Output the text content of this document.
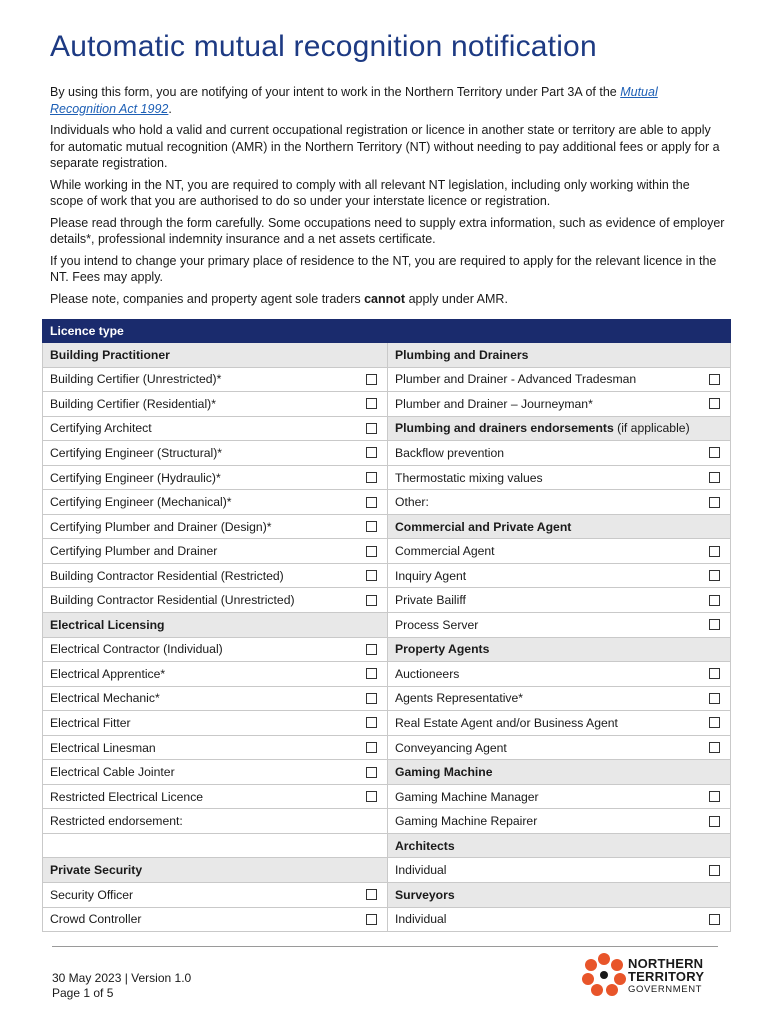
Automatic mutual recognition notification

By using this form, you are notifying of your intent to work in the Northern Territory under Part 3A of the Mutual Recognition Act 1992.

Individuals who hold a valid and current occupational registration or licence in another state or territory are able to apply for automatic mutual recognition (AMR) in the Northern Territory (NT) without needing to pay additional fees or apply for a separate registration.

While working in the NT, you are required to comply with all relevant NT legislation, including only working within the scope of work that you are authorised to do so under your interstate licence or registration.

Please read through the form carefully. Some occupations need to supply extra information, such as evidence of employer details*, professional indemnity insurance and a net assets certificate.

If you intend to change your primary place of residence to the NT, you are required to apply for the relevant licence in the NT. Fees may apply.

Please note, companies and property agent sole traders cannot apply under AMR.

Licence type	
Building Practitioner	Plumbing and Drainers

Building Certifier (Unrestricted)*	Plumber and Drainer - Advanced Tradesman

Building Certifier (Residential)*	Plumber and Drainer – Journeyman*

Certifying Architect	Plumbing and drainers endorsements (if applicable)

Certifying Engineer (Structural)*	Backflow prevention

Certifying Engineer (Hydraulic)*	Thermostatic mixing values

Certifying Engineer (Mechanical)*	Other:

Certifying Plumber and Drainer (Design)*	Commercial and Private Agent

Certifying Plumber and Drainer	Commercial Agent

Building Contractor Residential (Restricted)	Inquiry Agent

Building Contractor Residential (Unrestricted)	Private Bailiff

Electrical Licensing	Process Server

Electrical Contractor (Individual)	Property Agents

Electrical Apprentice*	Auctioneers

Electrical Mechanic*	Agents Representative*

Electrical Fitter	Real Estate Agent and/or Business Agent

Electrical Linesman	Conveyancing Agent

Electrical Cable Jointer	Gaming Machine

Restricted Electrical Licence	Gaming Machine Manager

Restricted endorsement:	Gaming Machine Repairer

	Architects
Private Security	Individual

Security Officer	Surveyors

Crowd Controller	Individual
30 May 2023 | Version 1.0
Page 1 of 5
NORTHERN
TERRITORY
GOVERNMENT
